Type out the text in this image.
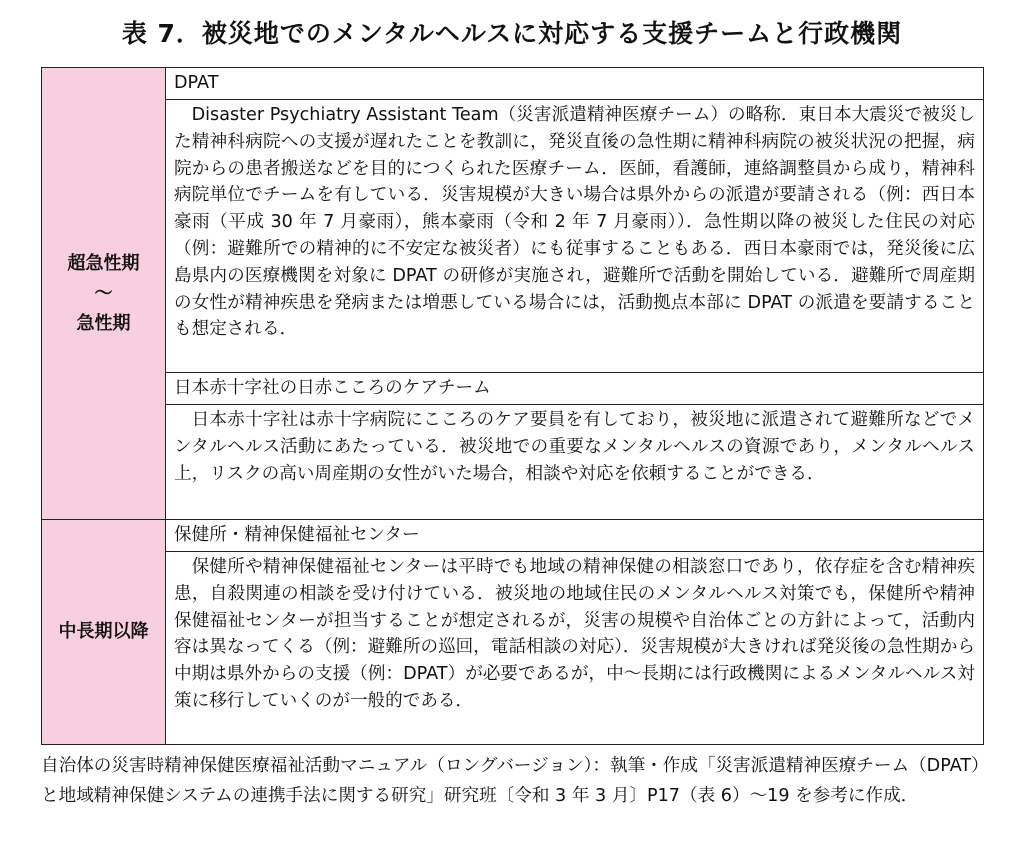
表 7．被災地でのメンタルヘルスに対応する支援チームと行政機関
超急性期
～
急性期	DPAT
	Disaster Psychiatry Assistant Team（災害派遣精神医療チーム）の略称．東日本大震災で被災した精神科病院への支援が遅れたことを教訓に，発災直後の急性期に精神科病院の被災状況の把握，病院からの患者搬送などを目的につくられた医療チーム．医師，看護師，連絡調整員から成り，精神科病院単位でチームを有している．災害規模が大きい場合は県外からの派遣が要請される（例：西日本豪雨（平成 30 年 7 月豪雨），熊本豪雨（令和 2 年 7 月豪雨））．急性期以降の被災した住民の対応（例：避難所での精神的に不安定な被災者）にも従事することもある．西日本豪雨では，発災後に広島県内の医療機関を対象に DPAT の研修が実施され，避難所で活動を開始している．避難所で周産期の女性が精神疾患を発病または増悪している場合には，活動拠点本部に DPAT の派遣を要請することも想定される．
	日本赤十字社の日赤こころのケアチーム
	日本赤十字社は赤十字病院にこころのケア要員を有しており，被災地に派遣されて避難所などでメンタルヘルス活動にあたっている．被災地での重要なメンタルヘルスの資源であり，メンタルヘルス上，リスクの高い周産期の女性がいた場合，相談や対応を依頼することができる．

中長期以降	保健所・精神保健福祉センター
	保健所や精神保健福祉センターは平時でも地域の精神保健の相談窓口であり，依存症を含む精神疾患，自殺関連の相談を受け付けている．被災地の地域住民のメンタルヘルス対策でも，保健所や精神保健福祉センターが担当することが想定されるが，災害の規模や自治体ごとの方針によって，活動内容は異なってくる（例：避難所の巡回，電話相談の対応）．災害規模が大きければ発災後の急性期から中期は県外からの支援（例：DPAT）が必要であるが，中～長期には行政機関によるメンタルヘルス対策に移行していくのが一般的である．
自治体の災害時精神保健医療福祉活動マニュアル（ロングバージョン）：執筆・作成「災害派遣精神医療チーム（DPAT）と地域精神保健システムの連携手法に関する研究」研究班〔令和 3 年 3 月〕P17（表 6）～19 を参考に作成．
